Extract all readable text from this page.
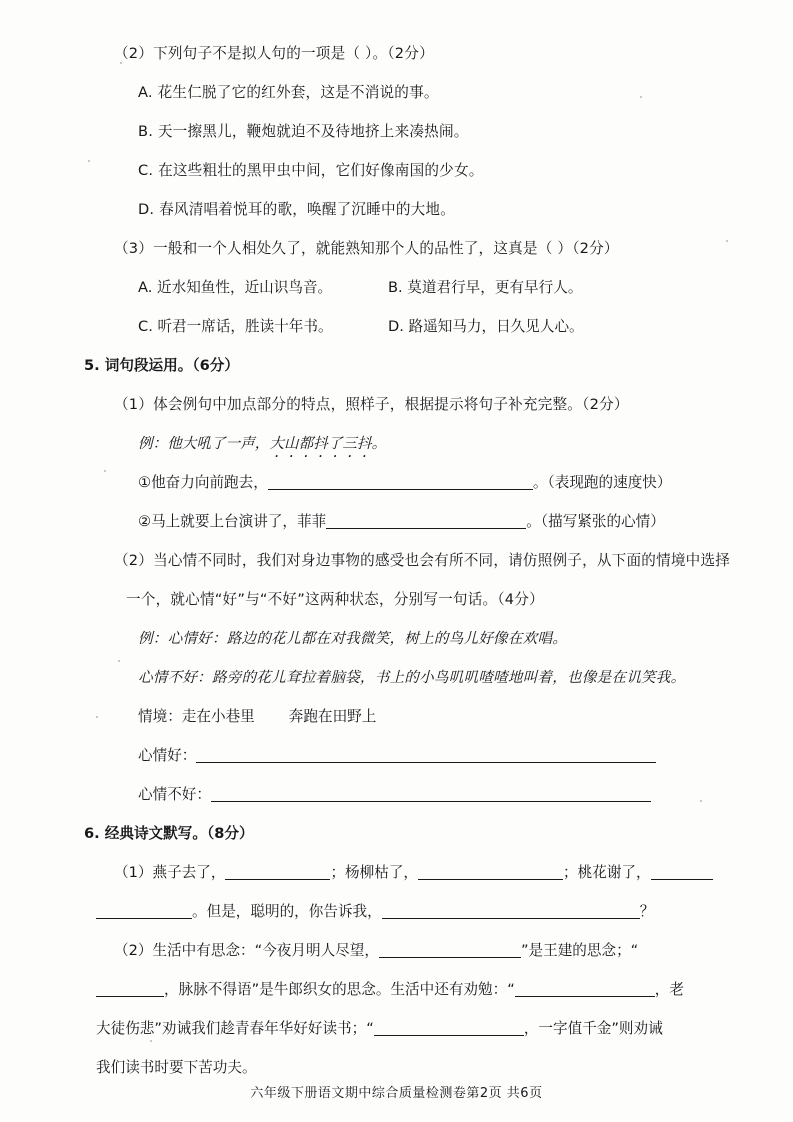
（2）下列句子不是拟人句的一项是（ ）。（2分）
A. 花生仁脱了它的红外套，这是不消说的事。
B. 天一擦黑儿，鞭炮就迫不及待地挤上来凑热闹。
C. 在这些粗壮的黑甲虫中间，它们好像南国的少女。
D. 春风清唱着悦耳的歌，唤醒了沉睡中的大地。
（3）一般和一个人相处久了，就能熟知那个人的品性了，这真是（ ）（2分）
A. 近水知鱼性，近山识鸟音。	B. 莫道君行早，更有早行人。
C. 听君一席话，胜读十年书。	D. 路遥知马力，日久见人心。
5. 词句段运用。（6分）
（1）体会例句中加点部分的特点，照样子，根据提示将句子补充完整。（2分）
例：他大吼了一声，大山都抖了三抖。
①他奋力向前跑去，	。（表现跑的速度快）
②马上就要上台演讲了，菲菲	。（描写紧张的心情）
（2）当心情不同时，我们对身边事物的感受也会有所不同，请仿照例子，从下面的情境中选择
一个，就心情“好”与“不好”这两种状态，分别写一句话。（4分）
例：心情好：路边的花儿都在对我微笑，树上的鸟儿好像在欢唱。
心情不好：路旁的花儿耷拉着脑袋，书上的小鸟叽叽喳喳地叫着，也像是在讥笑我。
情境：走在小巷里 奔跑在田野上
心情好：
心情不好：
6. 经典诗文默写。（8分）
（1）燕子去了，	；杨柳枯了，	；桃花谢了，
。但是，聪明的，你告诉我，	？
（2）生活中有思念：“今夜月明人尽望，	”是王建的思念；“
，脉脉不得语”是牛郎织女的思念。生活中还有劝勉：“	，老
大徒伤悲”劝诫我们趁青春年华好好读书；“	，一字值千金”则劝诫
我们读书时要下苦功夫。
六年级下册语文期中综合质量检测卷第2页 共6页
